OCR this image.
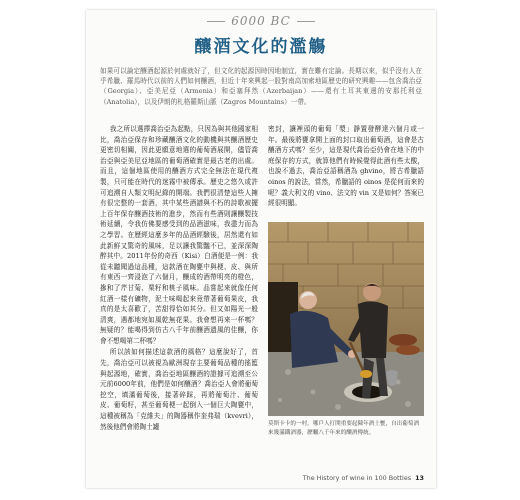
6000 BC
釀酒文化的濫觴
如果可以論定釀酒起源於何處就好了，但文化的起源因時因地制宜，實在難有定論。長期以來，似乎沒有人在乎希臘、羅馬時代以前的人們如何釀酒，但近十年來興起一股對南高加索地區歷史的研究興趣——包含喬治亞（Georgia）、亞美尼亞（Armenia）和亞塞拜然（Azerbaijan）——還有土耳其東邊的安那托利亞（Anatolia），以及伊朗的札格羅斯山脈（Zagros Mountains）一帶。

我之所以選擇喬治亞為起點，只因為與其他國家相比，喬治亞保存和珍藏釀酒文化的動機與其釀酒歷史更密切相關，因此更願意地選的葡萄酒展開，儘管喬治亞與亞美尼亞地區的葡萄酒確實是最古老的出處。而且，這個地區使用的釀酒方式完全無法在現代複製，只可能在時代的迷霧中被傳承。歷史之悠久或許可追溯自人類文明紀錄的開端。我們很清楚這些人擁有很完整的一套酒，其中某些酒譜與不朽的詩歌被擺上百年保存釀酒技術的進步，然而有些酒則讓釀製技術延續，令我仿佛要感受到的品酒滋味，我盡力而為之學習。在歷經這麼多年的品酒經驗後，居然還有如此新鮮又驚奇的風味，足以讓我驚豔不已，並深深陶醉其中。2011年份的奇西（Kisi）白酒便是一例：我從未聽聞過這品種，這款酒在陶甕中與梗、皮、與所有東西一齊浸泡了六個月，釀成的酒帶明亮的橙色，摻和了芹甘菊、栗籽和桃子風味。品嘗起來就像任何紅酒一樣有礦物，泥土味喝起來竟帶著葡萄果皮，我真的是太喜歡了，苦甜得恰如其分。但又如陽光一般清爽，遇都地宛如風乾無花果。我會想再來一杯嗎？無疑的？能喝得到仿古八千年前釀酒遺風的佳釀，你會不想喝第二杯嗎？

所以該如何描述這款酒的風格？這麼說好了，首先，喬治亞可以被視為歐洲現存主要葡萄品種的搖籃與起源地，確實，喬治亞地區釀酒的證據可追溯至公元前6000年前，他們是如何釀酒？喬治亞人會將葡萄挖空，填滿葡萄後，接著碎踩，再將葡萄汁、葡萄皮、葡萄籽，甚至葡萄梗一起倒入一個巨大陶甕中，這種被稱為「克維夫」的陶器稱作奎弗瑞（kvevri），然後他們會將陶土罐

密封，讓裡頭的葡萄「漿」靜置發酵達六個月或一年。最後將甕拿開上面的封口取出葡萄酒，這會是古釀酒方式嗎？至少，這是現代喬治亞仍會在地下的中庭保存的方式，就算他們有時候覺得此酒有些太酸，也說不過去，喬治亞語稱酒為 ghvino，將古希臘語 oinos 的說法，當然，希臘語的 oinos 是從何而來的呢？義大利文的 vino、法文的 vin 又是如何？答案已經很明顯。

莫斯卡卡的一村。哪戶人打開重要起陳年酒土甕，自出葡萄酒來幾滿鐵酒器，瀝曬八千年來的釀酒傳統。
The History of wine in 100 Bottles 13
